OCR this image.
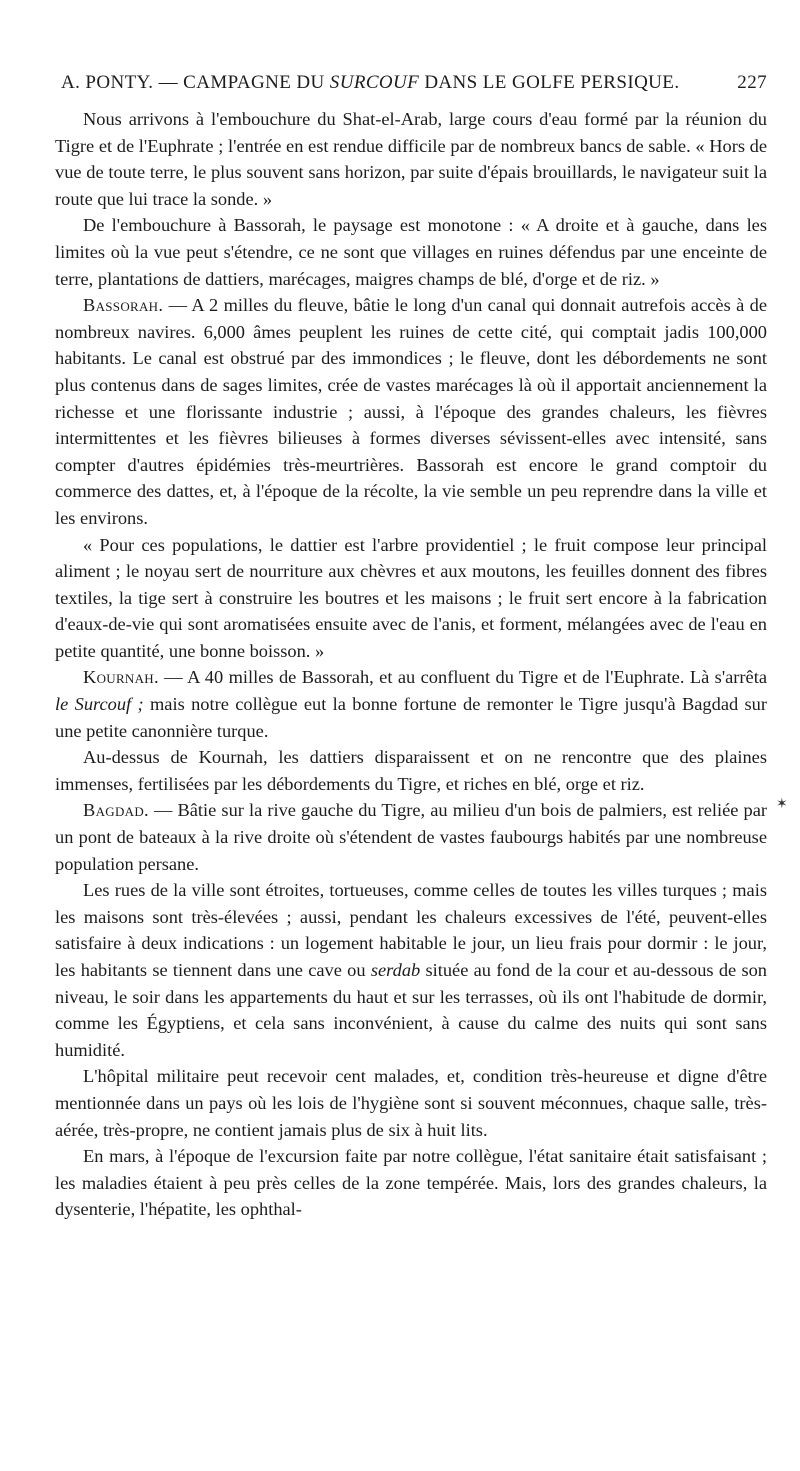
A. PONTY. — CAMPAGNE DU SURCOUF DANS LE GOLFE PERSIQUE.	227

Nous arrivons à l'embouchure du Shat-el-Arab, large cours d'eau formé par la réunion du Tigre et de l'Euphrate ; l'entrée en est rendue difficile par de nombreux bancs de sable. « Hors de vue de toute terre, le plus souvent sans horizon, par suite d'épais brouillards, le navigateur suit la route que lui trace la sonde. »

De l'embouchure à Bassorah, le paysage est monotone : « A droite et à gauche, dans les limites où la vue peut s'étendre, ce ne sont que villages en ruines défendus par une enceinte de terre, plantations de dattiers, marécages, maigres champs de blé, d'orge et de riz. »

Bassorah. — A 2 milles du fleuve, bâtie le long d'un canal qui donnait autrefois accès à de nombreux navires. 6,000 âmes peuplent les ruines de cette cité, qui comptait jadis 100,000 habitants. Le canal est obstrué par des immondices ; le fleuve, dont les débordements ne sont plus contenus dans de sages limites, crée de vastes marécages là où il apportait anciennement la richesse et une florissante industrie ; aussi, à l'époque des grandes chaleurs, les fièvres intermittentes et les fièvres bilieuses à formes diverses sévissent-elles avec intensité, sans compter d'autres épidémies très-meurtrières. Bassorah est encore le grand comptoir du commerce des dattes, et, à l'époque de la récolte, la vie semble un peu reprendre dans la ville et les environs.

« Pour ces populations, le dattier est l'arbre providentiel ; le fruit compose leur principal aliment ; le noyau sert de nourriture aux chèvres et aux moutons, les feuilles donnent des fibres textiles, la tige sert à construire les boutres et les maisons ; le fruit sert encore à la fabrication d'eaux-de-vie qui sont aromatisées ensuite avec de l'anis, et forment, mélangées avec de l'eau en petite quantité, une bonne boisson. »

Kournah. — A 40 milles de Bassorah, et au confluent du Tigre et de l'Euphrate. Là s'arrêta le Surcouf ; mais notre collègue eut la bonne fortune de remonter le Tigre jusqu'à Bagdad sur une petite canonnière turque.

Au-dessus de Kournah, les dattiers disparaissent et on ne rencontre que des plaines immenses, fertilisées par les débordements du Tigre, et riches en blé, orge et riz.

Bagdad. — Bâtie sur la rive gauche du Tigre, au milieu d'un bois de palmiers, est reliée par un pont de bateaux à la rive droite où s'étendent de vastes faubourgs habités par une nombreuse population persane.

Les rues de la ville sont étroites, tortueuses, comme celles de toutes les villes turques ; mais les maisons sont très-élevées ; aussi, pendant les chaleurs excessives de l'été, peuvent-elles satisfaire à deux indications : un logement habitable le jour, un lieu frais pour dormir : le jour, les habitants se tiennent dans une cave ou serdab située au fond de la cour et au-dessous de son niveau, le soir dans les appartements du haut et sur les terrasses, où ils ont l'habitude de dormir, comme les Égyptiens, et cela sans inconvénient, à cause du calme des nuits qui sont sans humidité.

L'hôpital militaire peut recevoir cent malades, et, condition très-heureuse et digne d'être mentionnée dans un pays où les lois de l'hygiène sont si souvent méconnues, chaque salle, très-aérée, très-propre, ne contient jamais plus de six à huit lits.

En mars, à l'époque de l'excursion faite par notre collègue, l'état sanitaire était satisfaisant ; les maladies étaient à peu près celles de la zone tempérée. Mais, lors des grandes chaleurs, la dysenterie, l'hépatite, les ophthal-

✶
